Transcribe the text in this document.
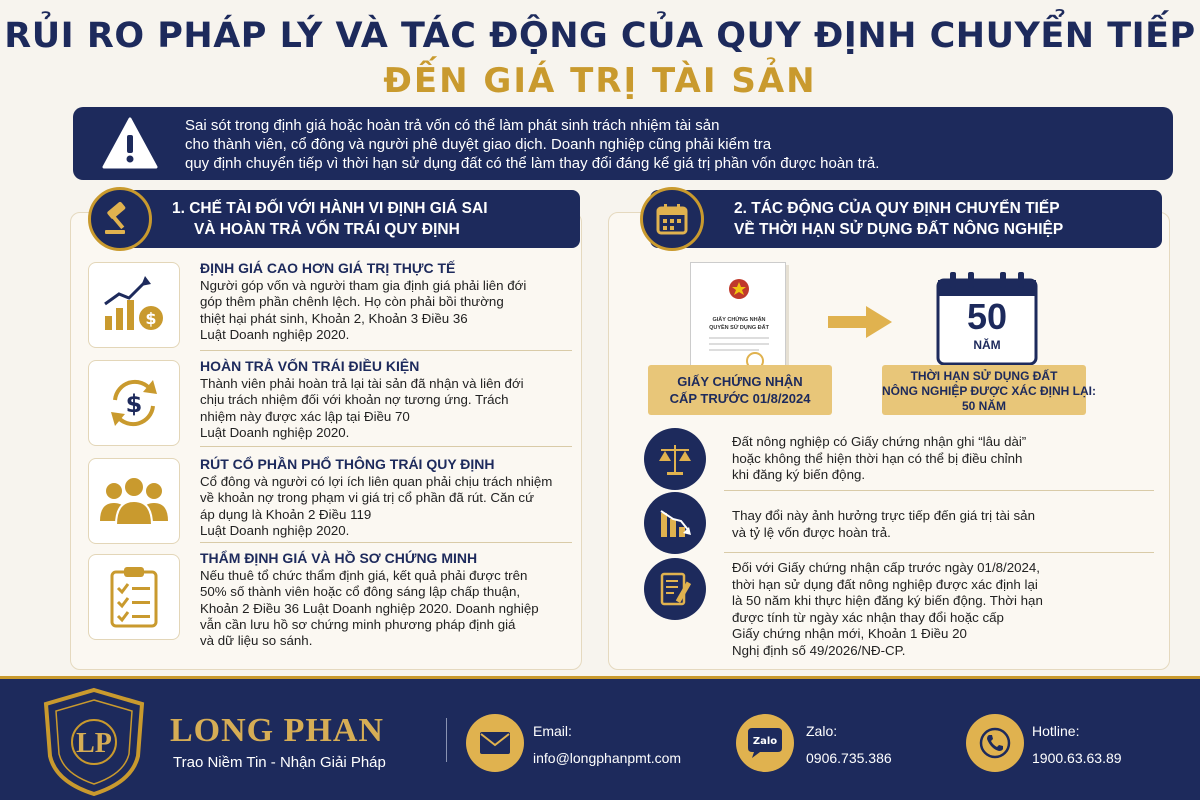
RỦI RO PHÁP LÝ VÀ TÁC ĐỘNG CỦA QUY ĐỊNH CHUYỂN TIẾP
ĐẾN GIÁ TRỊ TÀI SẢN
Sai sót trong định giá hoặc hoàn trả vốn có thể làm phát sinh trách nhiệm tài sản
cho thành viên, cổ đông và người phê duyệt giao dịch. Doanh nghiệp cũng phải kiểm tra
quy định chuyển tiếp vì thời hạn sử dụng đất có thể làm thay đổi đáng kể giá trị phần vốn được hoàn trả.
1. CHẾ TÀI ĐỐI VỚI HÀNH VI ĐỊNH GIÁ SAI
VÀ HOÀN TRẢ VỐN TRÁI QUY ĐỊNH
$
ĐỊNH GIÁ CAO HƠN GIÁ TRỊ THỰC TẾ
Người góp vốn và người tham gia định giá phải liên đới
góp thêm phần chênh lệch. Họ còn phải bồi thường
thiệt hại phát sinh, Khoản 2, Khoản 3 Điều 36
Luật Doanh nghiệp 2020.
$
HOÀN TRẢ VỐN TRÁI ĐIỀU KIỆN
Thành viên phải hoàn trả lại tài sản đã nhận và liên đới
chịu trách nhiệm đối với khoản nợ tương ứng. Trách
nhiệm này được xác lập tại Điều 70
Luật Doanh nghiệp 2020.
RÚT CỔ PHẦN PHỔ THÔNG TRÁI QUY ĐỊNH
Cổ đông và người có lợi ích liên quan phải chịu trách nhiệm
về khoản nợ trong phạm vi giá trị cổ phần đã rút. Căn cứ
áp dụng là Khoản 2 Điều 119
Luật Doanh nghiệp 2020.
THẨM ĐỊNH GIÁ VÀ HỒ SƠ CHỨNG MINH
Nếu thuê tổ chức thẩm định giá, kết quả phải được trên
50% số thành viên hoặc cổ đông sáng lập chấp thuận,
Khoản 2 Điều 36 Luật Doanh nghiệp 2020. Doanh nghiệp
vẫn cần lưu hồ sơ chứng minh phương pháp định giá
và dữ liệu so sánh.
2. TÁC ĐỘNG CỦA QUY ĐỊNH CHUYỂN TIẾP
VỀ THỜI HẠN SỬ DỤNG ĐẤT NÔNG NGHIỆP
GIẤY CHỨNG NHẬN
QUYỀN SỬ DỤNG ĐẤT
GIẤY CHỨNG NHẬN
CẤP TRƯỚC 01/8/2024
50
NĂM
THỜI HẠN SỬ DỤNG ĐẤT
NÔNG NGHIỆP ĐƯỢC XÁC ĐỊNH LẠI:
50 NĂM
Đất nông nghiệp có Giấy chứng nhận ghi “lâu dài”
hoặc không thể hiện thời hạn có thể bị điều chỉnh
khi đăng ký biến động.
Thay đổi này ảnh hưởng trực tiếp đến giá trị tài sản
và tỷ lệ vốn được hoàn trả.
Đối với Giấy chứng nhận cấp trước ngày 01/8/2024,
thời hạn sử dụng đất nông nghiệp được xác định lại
là 50 năm khi thực hiện đăng ký biến động. Thời hạn
được tính từ ngày xác nhận thay đổi hoặc cấp
Giấy chứng nhận mới, Khoản 1 Điều 20
Nghị định số 49/2026/NĐ-CP.
LP LONG PHAN
Trao Niềm Tin - Nhận Giải Pháp
Email:
info@longphanpmt.com
Zalo
Zalo:
0906.735.386
Hotline:
1900.63.63.89
